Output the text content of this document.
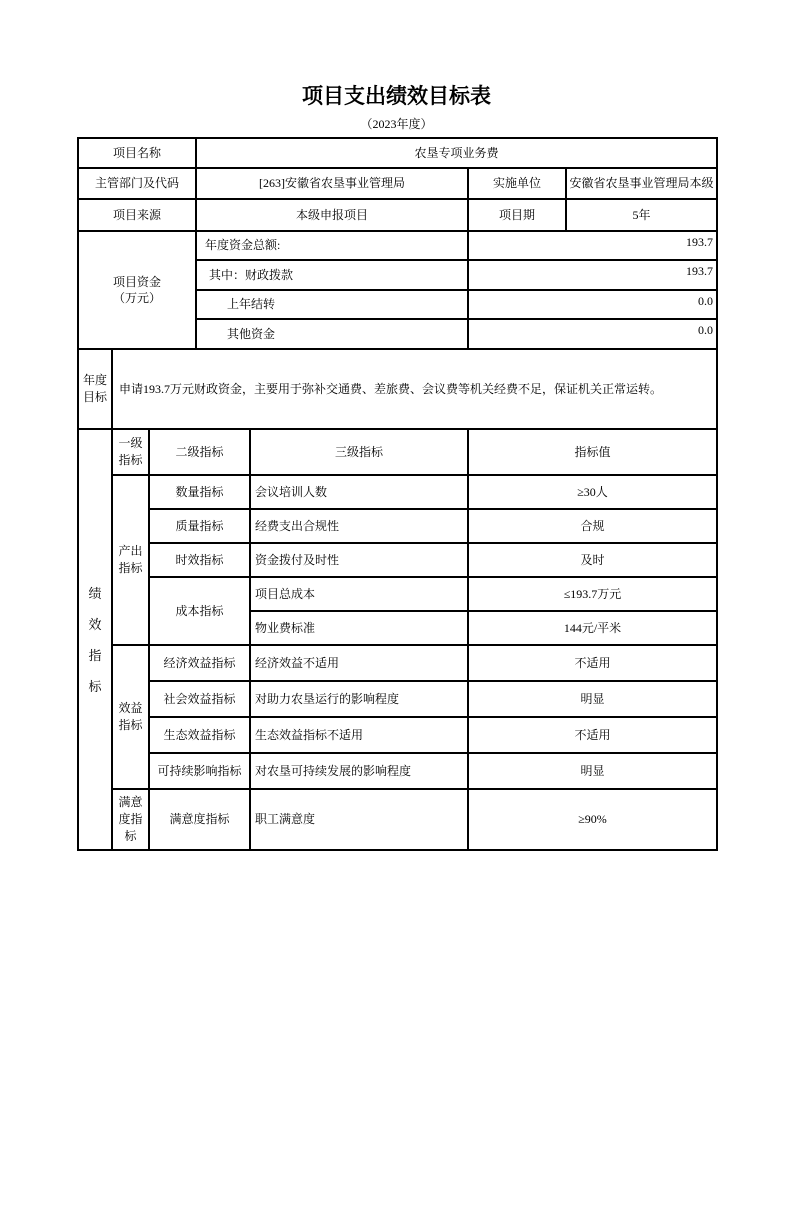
项目支出绩效目标表
（2023年度）
项目名称	农垦专项业务费		
主管部门及代码	[263]安徽省农垦事业管理局	实施单位	安徽省农垦事业管理局本级
项目来源	本级申报项目	项目期	5年

项目资金
（万元）	年度资金总额:	193.7	
	其中：财政拨款	193.7	
	上年结转	0.0	
	其他资金	0.0	
年度目标	申请193.7万元财政资金，主要用于弥补交通费、差旅费、会议费等机关经费不足，保证机关正常运转。
绩效指标	一级指标	二级指标	三级指标	指标值
	产出指标	数量指标	会议培训人数	≥30人
		质量指标	经费支出合规性	合规
		时效指标	资金拨付及时性	及时
		成本指标	项目总成本	≤193.7万元
			物业费标准	144元/平米
	效益指标	经济效益指标	经济效益不适用	不适用
		社会效益指标	对助力农垦运行的影响程度	明显
		生态效益指标	生态效益指标不适用	不适用
		可持续影响指标	对农垦可持续发展的影响程度	明显
	满意度指标	满意度指标	职工满意度	≥90%
